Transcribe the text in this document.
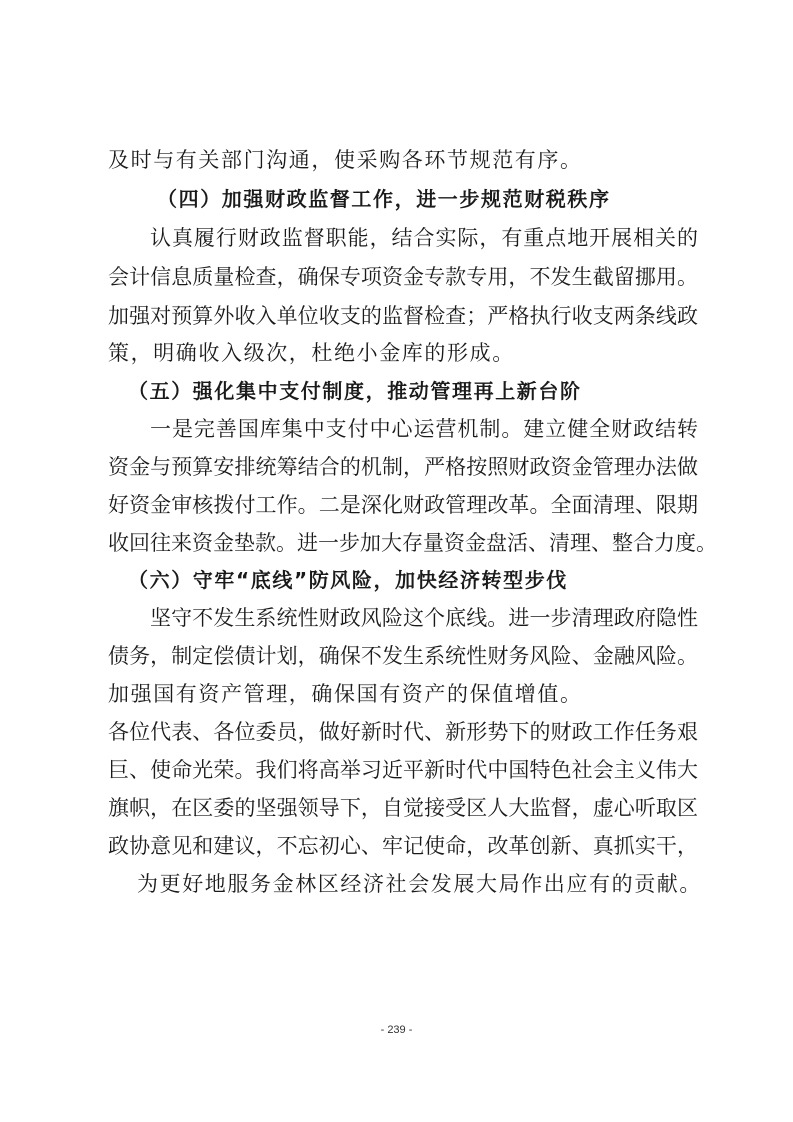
及时与有关部门沟通，使采购各环节规范有序。
（四）加强财政监督工作，进一步规范财税秩序
认真履行财政监督职能，结合实际，有重点地开展相关的
会计信息质量检查，确保专项资金专款专用，不发生截留挪用。
加强对预算外收入单位收支的监督检查；严格执行收支两条线政
策，明确收入级次，杜绝小金库的形成。
（五）强化集中支付制度，推动管理再上新台阶
一是完善国库集中支付中心运营机制。建立健全财政结转
资金与预算安排统筹结合的机制，严格按照财政资金管理办法做
好资金审核拨付工作。二是深化财政管理改革。全面清理、限期
收回往来资金垫款。进一步加大存量资金盘活、清理、整合力度。
（六）守牢“底线”防风险，加快经济转型步伐
坚守不发生系统性财政风险这个底线。进一步清理政府隐性
债务，制定偿债计划，确保不发生系统性财务风险、金融风险。
加强国有资产管理，确保国有资产的保值增值。
各位代表、各位委员，做好新时代、新形势下的财政工作任务艰
巨、使命光荣。我们将高举习近平新时代中国特色社会主义伟大
旗帜，在区委的坚强领导下，自觉接受区人大监督，虚心听取区
政协意见和建议，不忘初心、牢记使命，改革创新、真抓实干，
为更好地服务金林区经济社会发展大局作出应有的贡献。
- 239 -
